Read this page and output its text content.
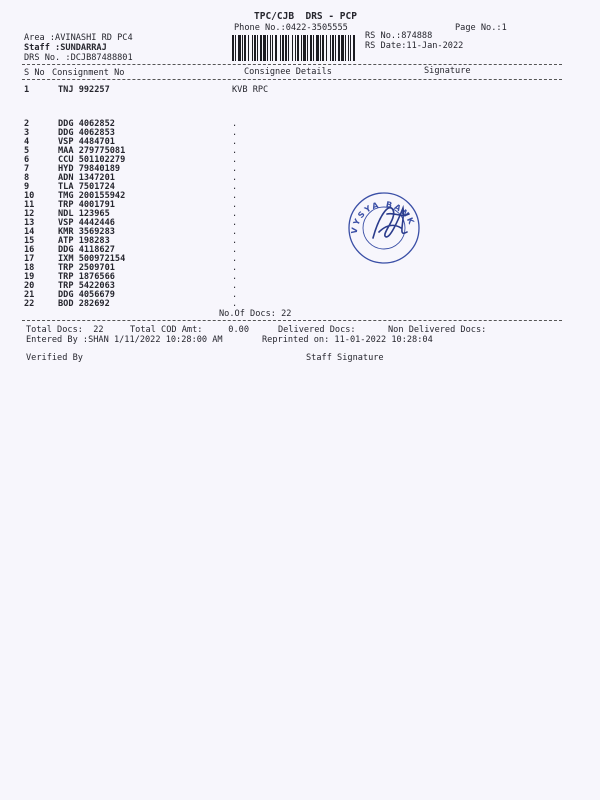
TPC/CJB  DRS - PCP
Phone No.:0422-3505555	Page No.:1
Area :AVINASHI RD PC4
Staff :SUNDARRAJ
DRS No. :DCJB87488801
RS No.:874888
RS Date:11-Jan-2022
S No Consignment No	Consignee Details	Signature
1	TNJ 992257	KVB RPC
2	DDG 4062852	.
3	DDG 4062853	.
4	VSP 4484701	.
5	MAA 279775081	.
6	CCU 501102279	.
7	HYD 79840189	.
8	ADN 1347201	.
9	TLA 7501724	.
10	TMG 200155942	.
11	TRP 4001791	.
12	NDL 123965	.
13	VSP 4442446	.
14	KMR 3569283	.
15	ATP 198283	.
16	DDG 4118627	.
17	IXM 500972154	.
18	TRP 2509701	.
19	TRP 1876566	.
20	TRP 5422063	.
21	DDG 4056679	.
22	BOD 282692	.
No.Of Docs: 22
Total Docs:  22	Total COD Amt:     0.00	Delivered Docs:	Non Delivered Docs:
Entered By :SHAN 1/11/2022 10:28:00 AM	Reprinted on: 11-01-2022 10:28:04
Verified By	Staff Signature
VYSYA BANK
